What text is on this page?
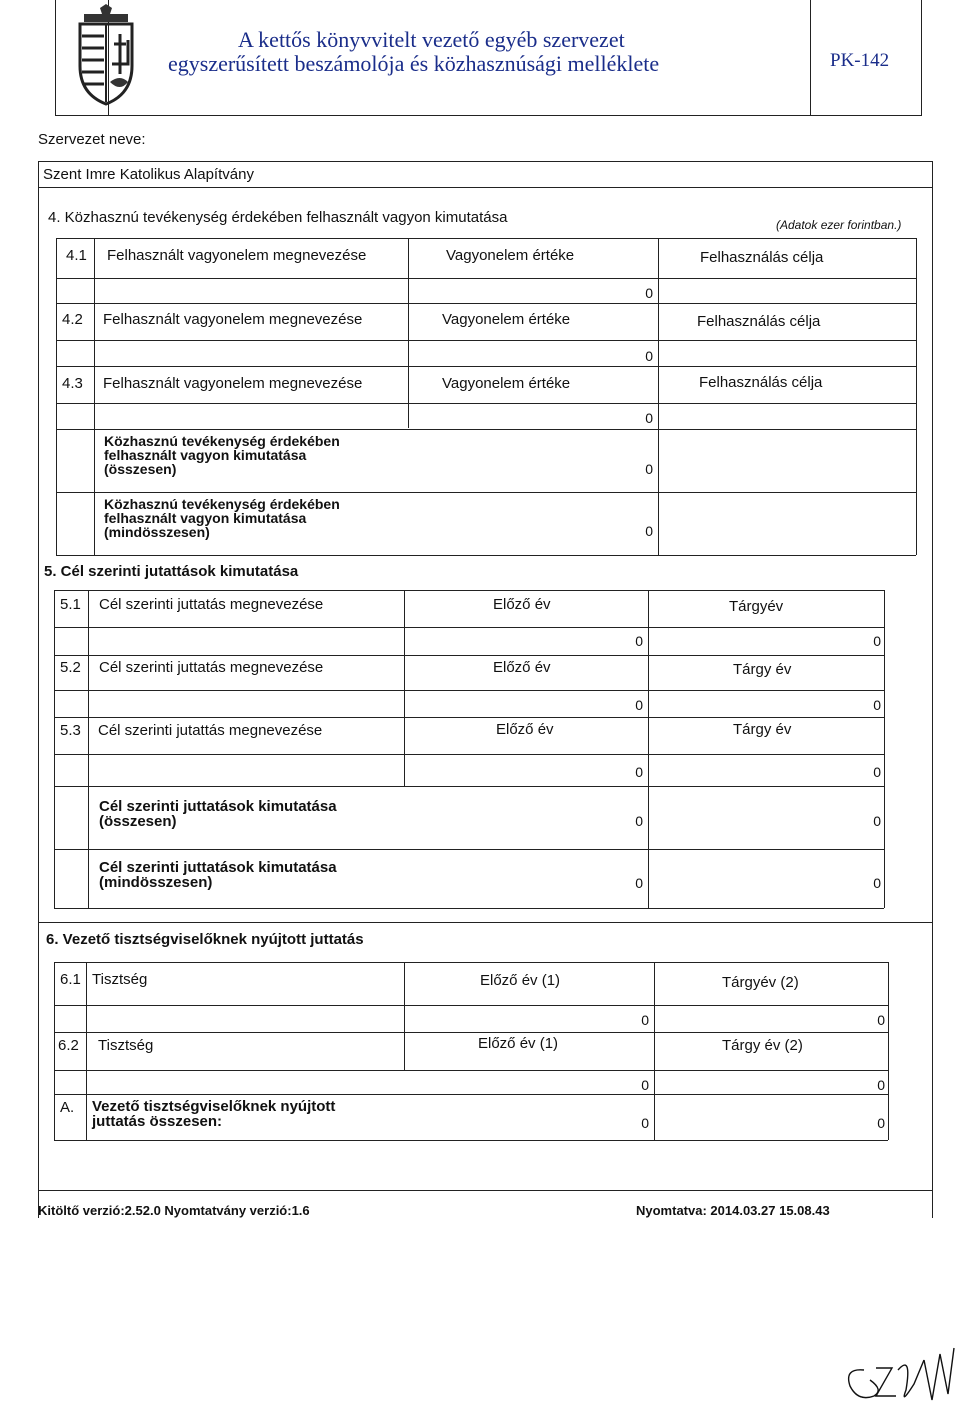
A kettős könyvvitelt vezető egyéb szervezet
egyszerűsített beszámolója és közhasznúsági melléklete	PK-142
Szervezet neve:
Szent Imre Katolikus Alapítvány
4. Közhasznú tevékenység érdekében felhasznált vagyon kimutatása	(Adatok ezer forintban.)
4.1 Felhasznált vagyonelem megnevezése	Vagyonelem értéke	Felhasználás célja
0
4.2 Felhasznált vagyonelem megnevezése	Vagyonelem értéke	Felhasználás célja
0
4.3 Felhasznált vagyonelem megnevezése	Vagyonelem értéke	Felhasználás célja
0
Közhasznú tevékenység érdekében
felhasznált vagyon kimutatása
(összesen)	0
Közhasznú tevékenység érdekében
felhasznált vagyon kimutatása
(mindösszesen)	0
5. Cél szerinti jutattások kimutatása
5.1 Cél szerinti juttatás megnevezése	Előző év	Tárgyév
0	0
5.2 Cél szerinti juttatás megnevezése	Előző év	Tárgy év
0	0
5.3 Cél szerinti jutattás megnevezése	Előző év	Tárgy év
0	0
Cél szerinti juttatások kimutatása
(összesen)	0	0
Cél szerinti juttatások kimutatása
(mindösszesen)	0	0
6. Vezető tisztségviselőknek nyújtott juttatás
6.1 Tisztség	Előző év (1)	Tárgyév (2)
0	0
6.2 Tisztség	Előző év (1)	Tárgy év (2)
0	0
A. Vezető tisztségviselőknek nyújtott
juttatás összesen:	0	0
Kitöltő verzió:2.52.0 Nyomtatvány verzió:1.6	Nyomtatva: 2014.03.27 15.08.43
